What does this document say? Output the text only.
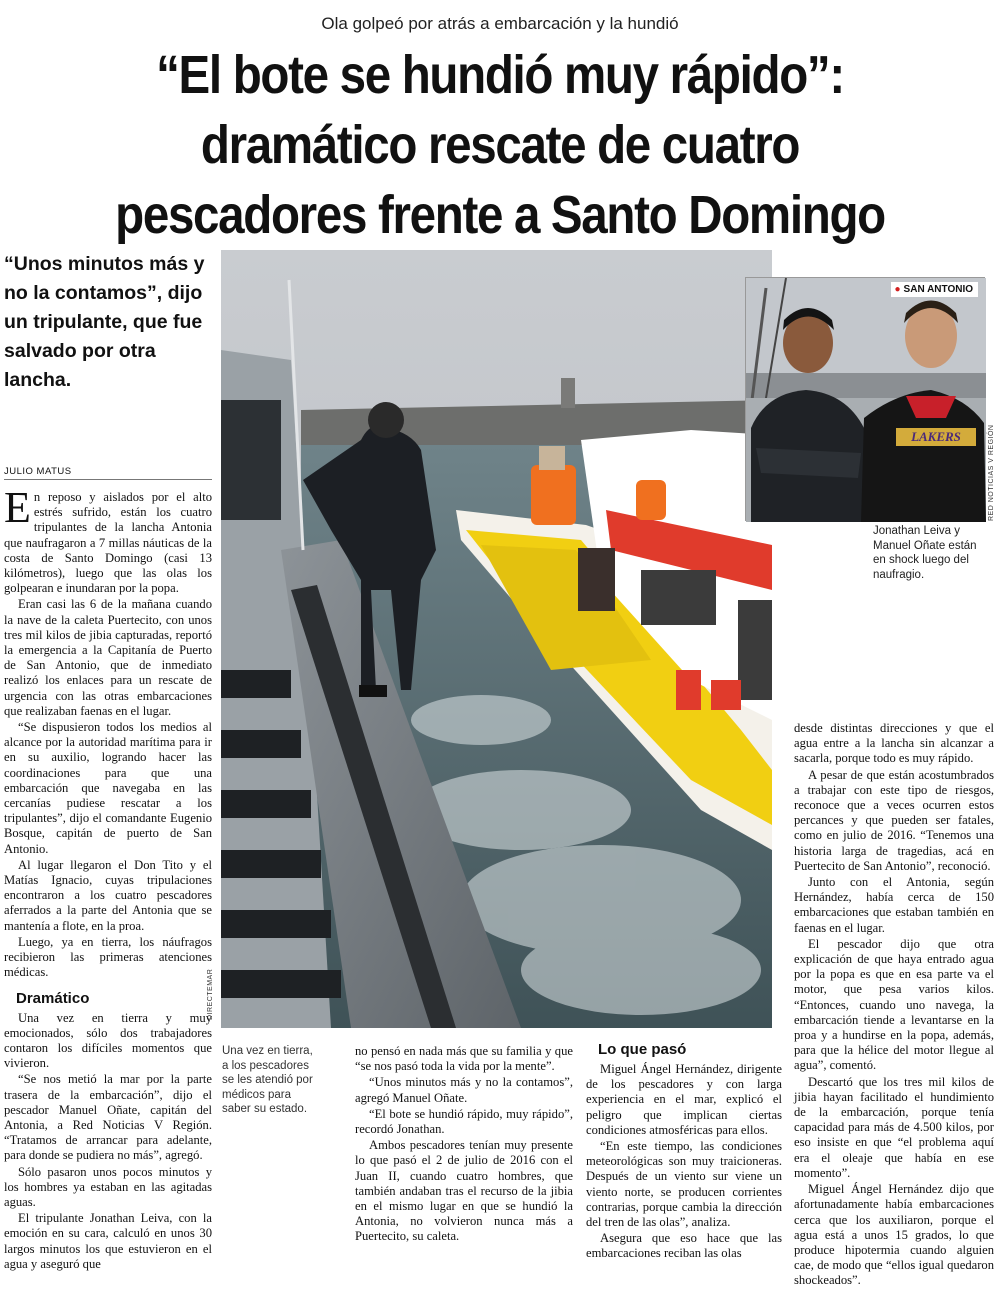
Ola golpeó por atrás a embarcación y la hundió
“El bote se hundió muy rápido”:
dramático rescate de cuatro
pescadores frente a Santo Domingo
“Unos minutos más y no la contamos”, dijo un tripulante, que fue salvado por otra lancha.
JULIO MATUS

En reposo y aislados por el alto estrés sufrido, están los cuatro tripulantes de la lancha Antonia que naufragaron a 7 millas náuticas de la costa de Santo Domingo (casi 13 kilómetros), luego que las olas los golpearan e inundaran por la popa.

Eran casi las 6 de la mañana cuando la nave de la caleta Puertecito, con unos tres mil kilos de jibia capturadas, reportó la emergencia a la Capitanía de Puerto de San Antonio, que de inmediato realizó los enlaces para un rescate de urgencia con las otras embarcaciones que realizaban faenas en el lugar.

“Se dispusieron todos los medios al alcance por la autoridad marítima para ir en su auxilio, logrando hacer las coordinaciones para que una embarcación que navegaba en las cercanías pudiese rescatar a los tripulantes”, dijo el comandante Eugenio Bosque, capitán de puerto de San Antonio.

Al lugar llegaron el Don Tito y el Matías Ignacio, cuyas tripulaciones encontraron a los cuatro pescadores aferrados a la parte del Antonia que se mantenía a flote, en la proa.

Luego, ya en tierra, los náufragos recibieron las primeras atenciones médicas.

Dramático

Una vez en tierra y muy emocionados, sólo dos trabajadores contaron los difíciles momentos que vivieron.

“Se nos metió la mar por la parte trasera de la embarcación”, dijo el pescador Manuel Oñate, capitán del Antonia, a Red Noticias V Región. “Tratamos de arrancar para adelante, para donde se pudiera no más”, agregó.

Sólo pasaron unos pocos minutos y los hombres ya estaban en las agitadas aguas.

El tripulante Jonathan Leiva, con la emoción en su cara, calculó en unos 30 largos minutos los que estuvieron en el agua y aseguró que

DIRECTEMAR
LAKERS
● SAN ANTONIO
RED NOTICIAS V REGIÓN
Jonathan Leiva y Manuel Oñate están en shock luego del naufragio.
Una vez en tierra, a los pescadores se les atendió por médicos para saber su estado.

no pensó en nada más que su familia y que “se nos pasó toda la vida por la mente”.

“Unos minutos más y no la contamos”, agregó Manuel Oñate.

“El bote se hundió rápido, muy rápido”, recordó Jonathan.

Ambos pescadores tenían muy presente lo que pasó el 2 de julio de 2016 con el Juan II, cuando cuatro hombres, que también andaban tras el recurso de la jibia en el mismo lugar en que se hundió la Antonia, no volvieron nunca más a Puertecito, su caleta.

Lo que pasó

Miguel Ángel Hernández, dirigente de los pescadores y con larga experiencia en el mar, explicó el peligro que implican ciertas condiciones atmosféricas para ellos.

“En este tiempo, las condiciones meteorológicas son muy traicioneras. Después de un viento sur viene un viento norte, se producen corrientes contrarias, porque cambia la dirección del tren de las olas”, analiza.

Asegura que eso hace que las embarcaciones reciban las olas

desde distintas direcciones y que el agua entre a la lancha sin alcanzar a sacarla, porque todo es muy rápido.

A pesar de que están acostumbrados a trabajar con este tipo de riesgos, reconoce que a veces ocurren estos percances y que pueden ser fatales, como en julio de 2016. “Tenemos una historia larga de tragedias, acá en Puertecito de San Antonio”, reconoció.

Junto con el Antonia, según Hernández, había cerca de 150 embarcaciones que estaban también en faenas en el lugar.

El pescador dijo que otra explicación de que haya entrado agua por la popa es que en esa parte va el motor, que pesa varios kilos. “Entonces, cuando uno navega, la embarcación tiende a levantarse en la proa y a hundirse en la popa, además, para que la hélice del motor llegue al agua”, comentó.

Descartó que los tres mil kilos de jibia hayan facilitado el hundimiento de la embarcación, porque tenía capacidad para más de 4.500 kilos, por eso insiste en que “el problema aquí era el oleaje que había en ese momento”.

Miguel Ángel Hernández dijo que afortunadamente había embarcaciones cerca que los auxiliaron, porque el agua está a unos 15 grados, lo que produce hipotermia cuando alguien cae, de modo que “ellos igual quedaron shockeados”.
